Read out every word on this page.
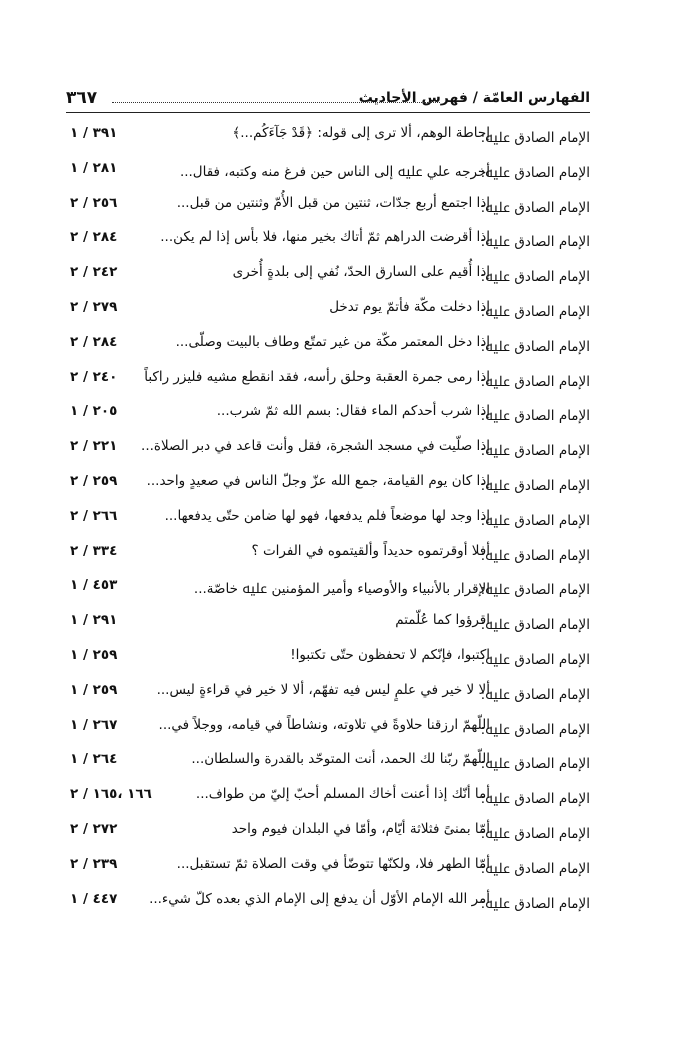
الفهارس العامّة / فهرس الأحاديث
٣٦٧
الإمام الصادق ﷷ:
إحاطة الوهم، ألا ترى إلى قوله: ﴿قَدْ جَآءَكُم...﴾
٣٩١ / ١
الإمام الصادق ﷷ:
أخرجه علي ﷷ إلى الناس حين فرغ منه وكتبه، فقال...
٢٨١ / ١
الإمام الصادق ﷷ:
إذا اجتمع أربع جدّات، ثنتين من قبل الأُمّ وثنتين من قبل...
٢٥٦ / ٢
الإمام الصادق ﷷ:
إذا أقرضت الدراهم ثمّ أتاك بخير منها، فلا بأس إذا لم يكن...
٢٨٤ / ٢
الإمام الصادق ﷷ:
إذا أُقيم على السارق الحدّ، نُفي إلى بلدةٍ أُخرى
٢٤٢ / ٢
الإمام الصادق ﷷ:
إذا دخلت مكّة فأتمّ يوم تدخل
٢٧٩ / ٢
الإمام الصادق ﷷ:
إذا دخل المعتمر مكّة من غير تمتّع وطاف بالبيت وصلّى...
٢٨٤ / ٢
الإمام الصادق ﷷ:
إذا رمى جمرة العقبة وحلق رأسه، فقد انقطع مشيه فليزر راكباً
٢٤٠ / ٢
الإمام الصادق ﷷ:
إذا شرب أحدكم الماء فقال: بسم الله ثمّ شرب...
٢٠٥ / ١
الإمام الصادق ﷷ:
إذا صلّيت في مسجد الشجرة، فقل وأنت قاعد في دبر الصلاة...
٢٢١ / ٢
الإمام الصادق ﷷ:
إذا كان يوم القيامة، جمع الله عزّ وجلّ الناس في صعيدٍ واحد...
٢٥٩ / ٢
الإمام الصادق ﷷ:
إذا وجد لها موضعاً فلم يدفعها، فهو لها ضامن حتّى يدفعها...
٢٦٦ / ٢
الإمام الصادق ﷷ:
أفلا أوقرتموه حديداً وألقيتموه في الفرات ؟
٣٣٤ / ٢
الإمام الصادق ﷷ:
الإقرار بالأنبياء والأوصياء وأمير المؤمنين ﷷ خاصّة...
٤٥٣ / ١
الإمام الصادق ﷷ:
اقرؤوا كما عُلّمتم
٢٩١ / ١
الإمام الصادق ﷷ:
اكتبوا، فإنّكم لا تحفظون حتّى تكتبوا!
٢٥٩ / ١
الإمام الصادق ﷷ:
ألا لا خير في علمٍ ليس فيه تفهّم، ألا لا خير في قراءةٍ ليس...
٢٥٩ / ١
الإمام الصادق ﷷ:
اللّهمّ ارزقنا حلاوةً في تلاوته، ونشاطاً في قيامه، ووجلاً في...
٢٦٧ / ١
الإمام الصادق ﷷ:
اللّهمّ ربّنا لك الحمد، أنت المتوحّد بالقدرة والسلطان...
٢٦٤ / ١
الإمام الصادق ﷷ:
أما أنّك إذا أعنت أخاك المسلم أحبّ إليّ من طواف...
١٦٦ ،١٦٥ / ٢
الإمام الصادق ﷷ:
أمّا بمنىً فثلاثة أيّام، وأمّا في البلدان فيوم واحد
٢٧٢ / ٢
الإمام الصادق ﷷ:
أمّا الطهر فلا، ولكنّها تتوضّأ في وقت الصلاة ثمّ تستقبل...
٢٣٩ / ٢
الإمام الصادق ﷷ:
أمر الله الإمام الأوّل أن يدفع إلى الإمام الذي بعده كلّ شيء...
٤٤٧ / ١
